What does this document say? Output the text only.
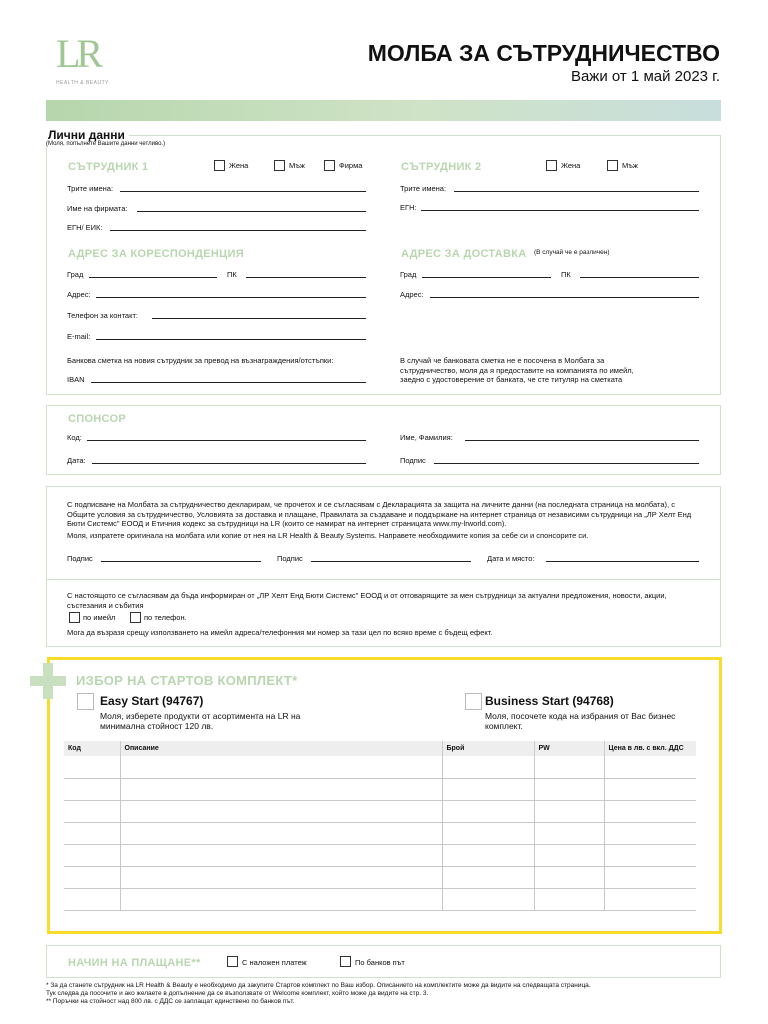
LR
HEALTH & BEAUTY
МОЛБА ЗА СЪТРУДНИЧЕСТВО
Важи от 1 май 2023 г.
Лични данни
(Моля, попълнете Вашите данни четливо.)
СЪТРУДНИК 1	Жена	Мъж	Фирма
Трите имена:
Име на фирмата:
ЕГН/ ЕИК:
СЪТРУДНИК 2	Жена	Мъж
Трите имена:
ЕГН:
АДРЕС ЗА КОРЕСПОНДЕНЦИЯ
Град	ПК
Адрес:
Телефон за контакт:
E-mail:
АДРЕС ЗА ДОСТАВКА (В случай че е различен)
Град	ПК
Адрес:
Банкова сметка на новия сътрудник за превод на възнаграждения/отстъпки:
IBAN
В случай че банковата сметка не е посочена в Молбата за сътрудничество, моля да я предоставите на компанията по имейл, заедно с удостоверение от банката, че сте титуляр на сметката
СПОНСОР
Код:	Име, Фамилия:
Дата:	Подпис
С подписване на Молбата за сътрудничество декларирам, че прочетох и се съгласявам с Декларацията за защита на личните данни (на последната страница на молбата), с Общите условия за сътрудничество, Условията за доставка и плащане, Правилата за създаване и поддържане на интернет страница от независими сътрудници на „ЛР Хелт Енд Бюти Системс" ЕООД и Етичния кодекс за сътрудници на LR (които се намират на интернет страницата www.my-lrworld.com).
Моля, изпратете оригинала на молбата или копие от нея на LR Health & Beauty Systems. Направете необходимите копия за себе си и спонсорите си.
Подпис	Подпис	Дата и място:
С настоящото се съгласявам да бъда информиран от „ЛР Хелт Енд Бюти Системс" ЕООД и от отговарящите за мен сътрудници за актуални предложения, новости, акции, състезания и събития
по имейл	по телефон.
Мога да възразя срещу използването на имейл адреса/телефонния ми номер за тази цел по всяко време с бъдещ ефект.
ИЗБОР НА СТАРТОВ КОМПЛЕКТ*
Easy Start (94767)
Моля, изберете продукти от асортимента на LR на минимална стойност 120 лв.
Business Start (94768)
Моля, посочете кода на избрания от Вас бизнес комплект.
Код	Описание	Брой	PW	Цена в лв. с вкл. ДДС

НАЧИН НА ПЛАЩАНЕ**	С наложен платеж	По банков път
* За да станете сътрудник на LR Health & Beauty е необходимо да закупите Стартов комплект по Ваш избор. Описанието на комплектите може да видите на следващата страница.
Тук следва да посочите и ако желаете в допълнение да се възползвате от Welcome комплект, който може да видите на стр. 3.
** Поръчки на стойност над 800 лв. с ДДС се заплащат единствено по банков път.
